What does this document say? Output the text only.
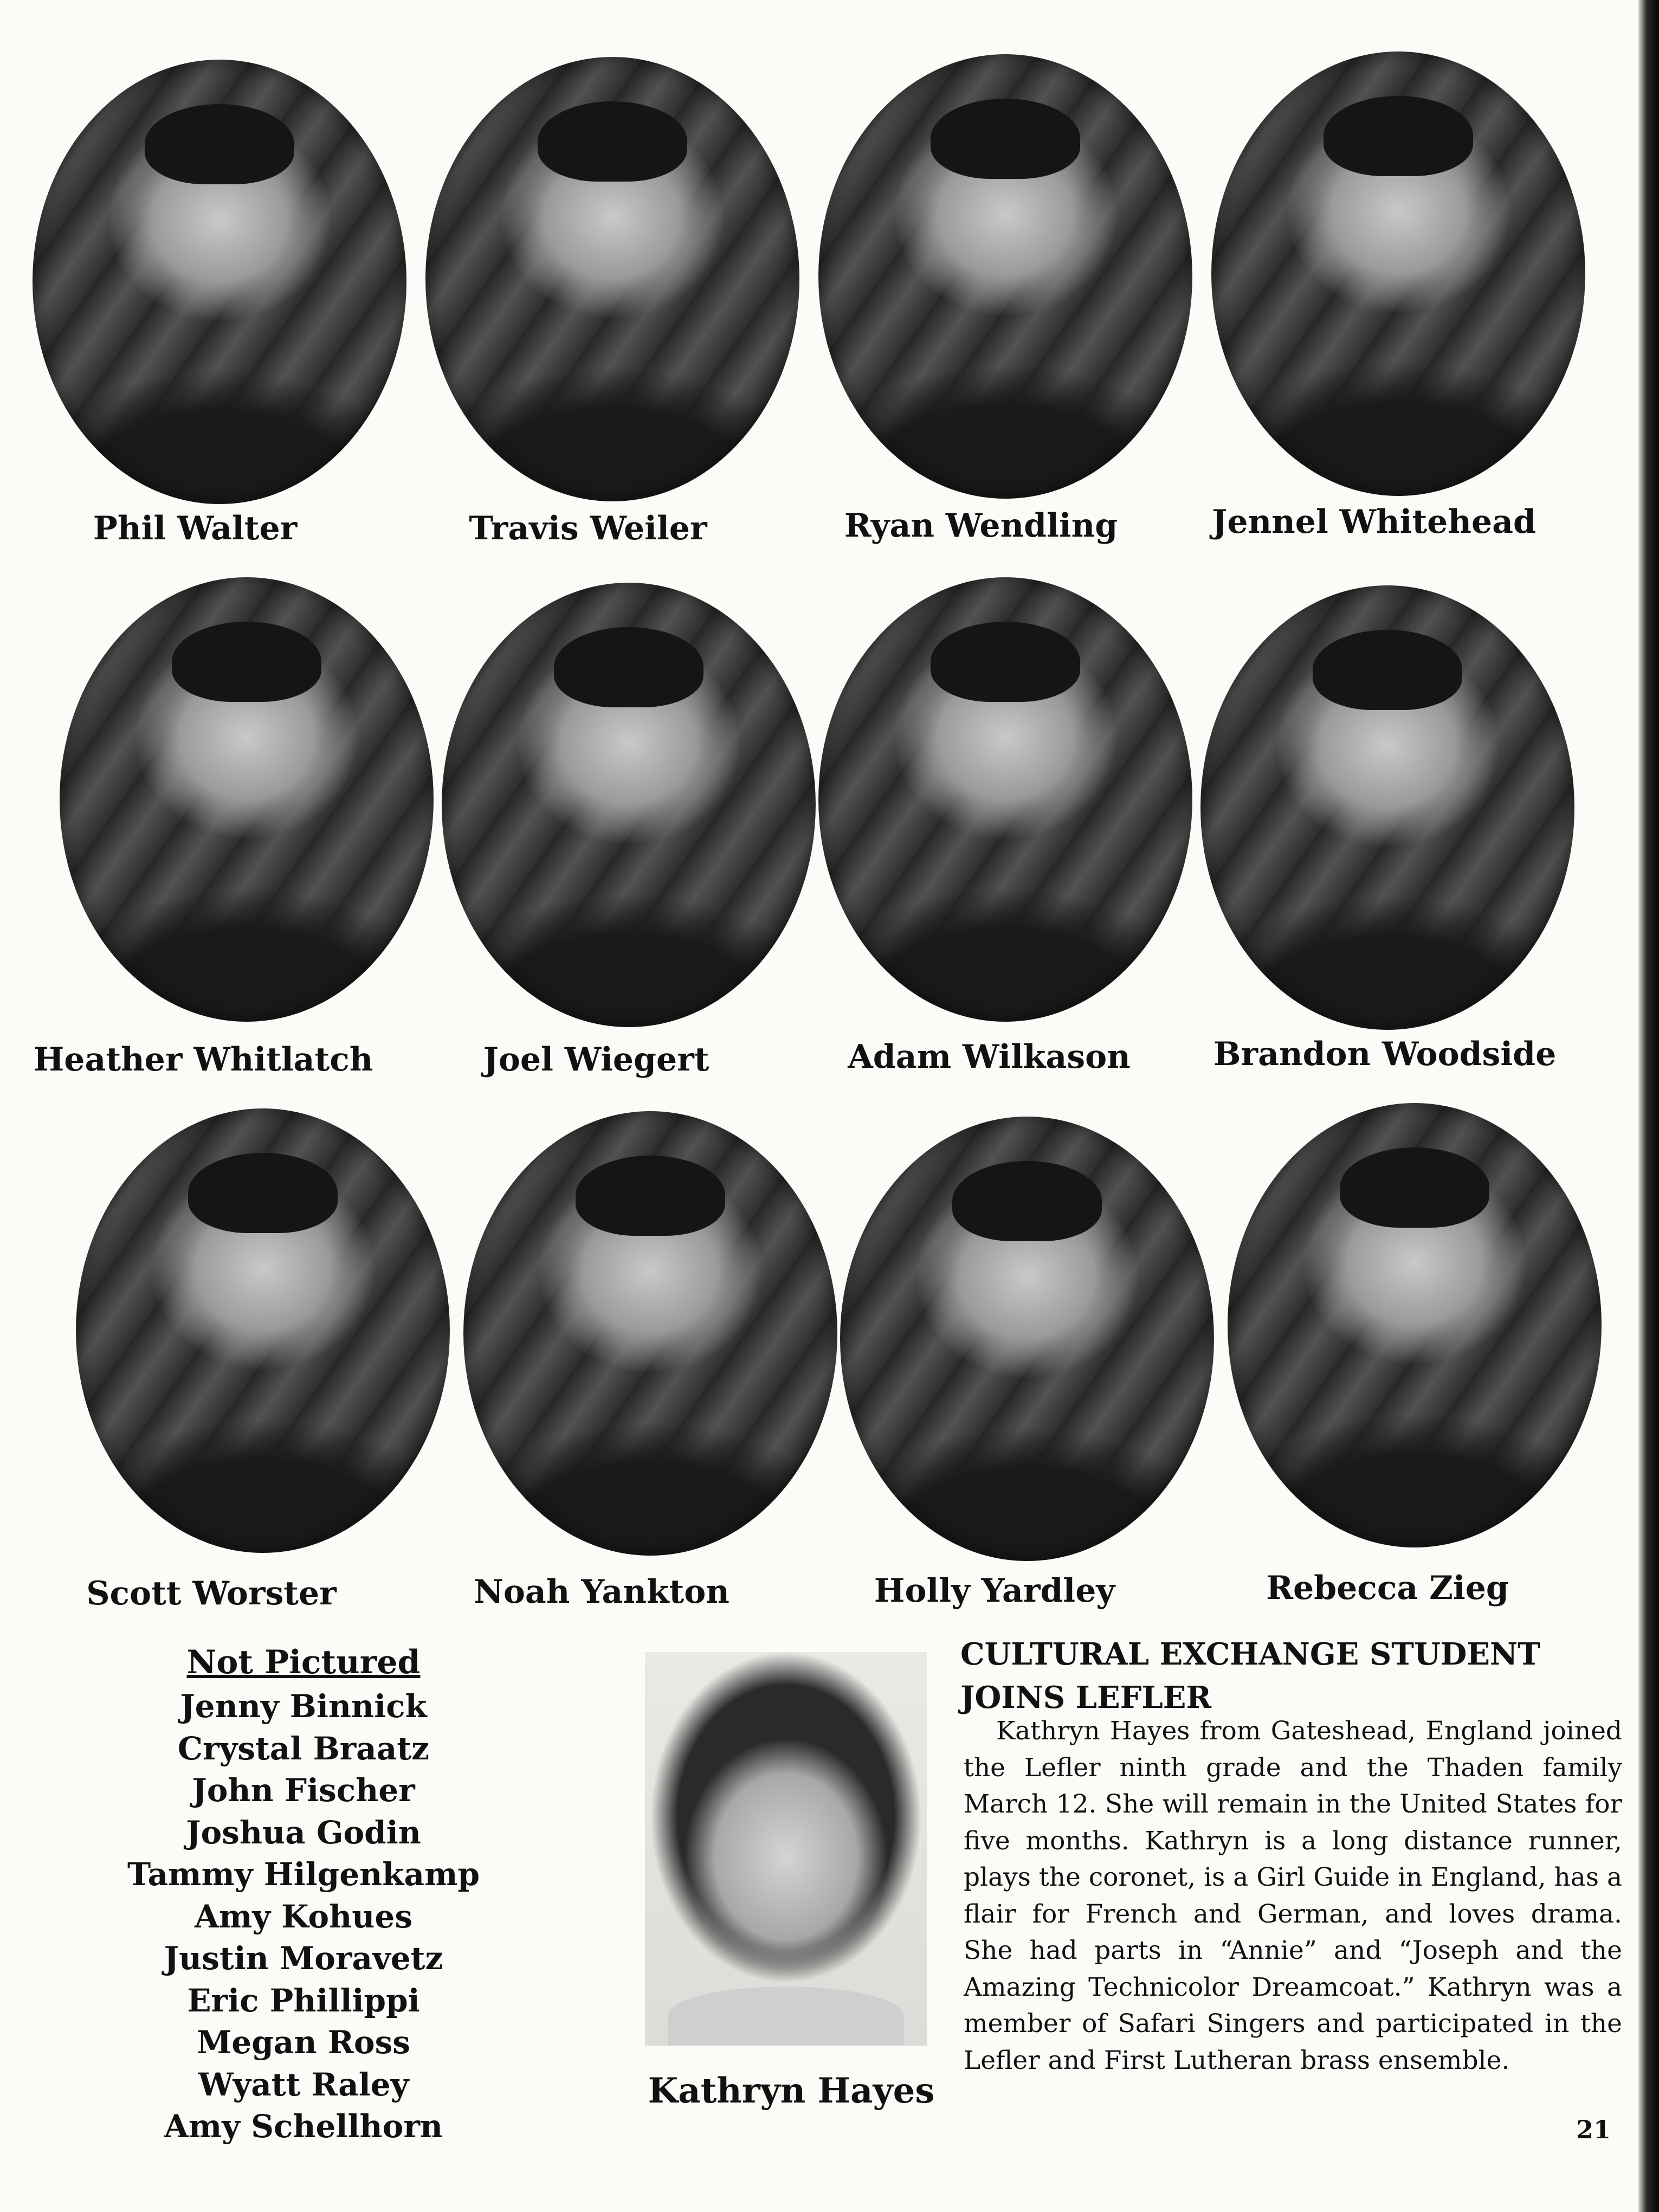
Phil Walter	Travis Weiler	Ryan Wendling	Jennel Whitehead
Heather Whitlatch	Joel Wiegert	Adam Wilkason	Brandon Woodside
Scott Worster	Noah Yankton	Holly Yardley	Rebecca Zieg
Not Pictured
Jenny Binnick
Crystal Braatz
John Fischer
Joshua Godin
Tammy Hilgenkamp
Amy Kohues
Justin Moravetz
Eric Phillippi
Megan Ross
Wyatt Raley
Amy Schellhorn
Kathryn Hayes
CULTURAL EXCHANGE STUDENT JOINS LEFLER

Kathryn Hayes from Gateshead, England joined the Lefler ninth grade and the Thaden family March 12. She will remain in the United States for five months. Kathryn is a long distance runner, plays the coronet, is a Girl Guide in England, has a flair for French and German, and loves drama. She had parts in “Annie” and “Joseph and the Amazing Technicolor Dreamcoat.” Kathryn was a member of Safari Singers and participated in the Lefler and First Lutheran brass ensemble.

21
